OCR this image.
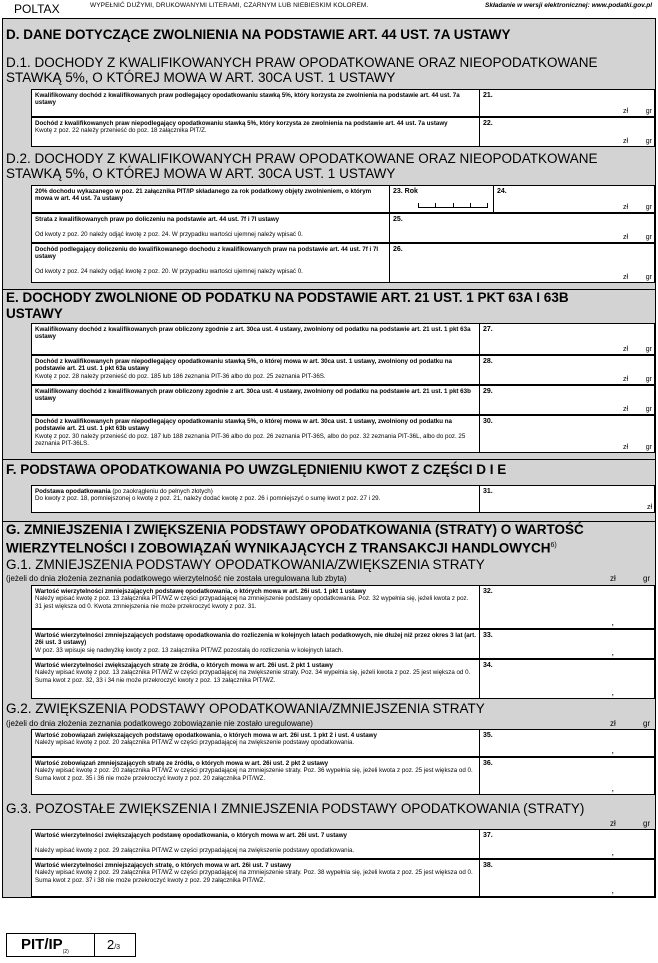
POLTAX	WYPEŁNIĆ DUŻYMI, DRUKOWANYMI LITERAMI, CZARNYM LUB NIEBIESKIM KOLOREM.	Składanie w wersji elektronicznej: www.podatki.gov.pl
D. DANE DOTYCZĄCE ZWOLNIENIA NA PODSTAWIE ART. 44 UST. 7A USTAWY
D.1. DOCHODY Z KWALIFIKOWANYCH PRAW OPODATKOWANE ORAZ NIEOPODATKOWANE STAWKĄ 5%, O KTÓREJ MOWA W ART. 30CA UST. 1 USTAWY
Kwalifikowany dochód z kwalifikowanych praw podlegający opodatkowaniu stawką 5%, który korzysta ze zwolnienia na podstawie art. 44 ust. 7a ustawy
21.
zł	gr
Dochód z kwalifikowanych praw niepodlegający opodatkowaniu stawką 5%, który korzysta ze zwolnienia na podstawie art. 44 ust. 7a ustawy
Kwotę z poz. 22 należy przenieść do poz. 18 załącznika PIT/Z.
22.
zł	gr
D.2. DOCHODY Z KWALIFIKOWANYCH PRAW OPODATKOWANE ORAZ NIEOPODATKOWANE STAWKĄ 5%, O KTÓREJ MOWA W ART. 30CA UST. 1 USTAWY
20% dochodu wykazanego w poz. 21 załącznika PIT/IP składanego za rok podatkowy objęty zwolnieniem, o którym mowa w art. 44 ust. 7a ustawy
23. Rok	24.
zł	gr
Strata z kwalifikowanych praw po doliczeniu na podstawie art. 44 ust. 7f i 7l ustawy

Od kwoty z poz. 20 należy odjąć kwotę z poz. 24. W przypadku wartości ujemnej należy wpisać 0.
25.
zł	gr
Dochód podlegający doliczeniu do kwalifikowanego dochodu z kwalifikowanych praw na podstawie art. 44 ust. 7f i 7l ustawy

Od kwoty z poz. 24 należy odjąć kwotę z poz. 20. W przypadku wartości ujemnej należy wpisać 0.
26.
zł	gr
E. DOCHODY ZWOLNIONE OD PODATKU NA PODSTAWIE ART. 21 UST. 1 PKT 63A I 63B USTAWY
Kwalifikowany dochód z kwalifikowanych praw obliczony zgodnie z art. 30ca ust. 4 ustawy, zwolniony od podatku na podstawie art. 21 ust. 1 pkt 63a ustawy
27.
zł	gr
Dochód z kwalifikowanych praw niepodlegający opodatkowaniu stawką 5%, o której mowa w art. 30ca ust. 1 ustawy, zwolniony od podatku na podstawie art. 21 ust. 1 pkt 63a ustawy
Kwotę z poz. 28 należy przenieść do poz. 185 lub 186 zeznania PIT-36 albo do poz. 25 zeznania PIT-36S.
28.
zł	gr
Kwalifikowany dochód z kwalifikowanych praw obliczony zgodnie z art. 30ca ust. 4 ustawy, zwolniony od podatku na podstawie art. 21 ust. 1 pkt 63b ustawy
29.
zł	gr
Dochód z kwalifikowanych praw niepodlegający opodatkowaniu stawką 5%, o której mowa w art. 30ca ust. 1 ustawy, zwolniony od podatku na podstawie art. 21 ust. 1 pkt 63b ustawy
Kwotę z poz. 30 należy przenieść do poz. 187 lub 188 zeznania PIT-36 albo do poz. 26 zeznania PIT-36S, albo do poz. 32 zeznania PIT-36L, albo do poz. 25 zeznania PIT-36LS.
30.
zł	gr
F. PODSTAWA OPODATKOWANIA PO UWZGLĘDNIENIU KWOT Z CZĘŚCI D I E
Podstawa opodatkowania (po zaokrągleniu do pełnych złotych)
Do kwoty z poz. 18, pomniejszonej o kwotę z poz. 21, należy dodać kwotę z poz. 26 i pomniejszyć o sumę kwot z poz. 27 i 29.
31.
zł
G. ZMNIEJSZENIA I ZWIĘKSZENIA PODSTAWY OPODATKOWANIA (STRATY) O WARTOŚĆ WIERZYTELNOŚCI I ZOBOWIĄZAŃ WYNIKAJĄCYCH Z TRANSAKCJI HANDLOWYCH$^{6)}$
G.1. ZMNIEJSZENIA PODSTAWY OPODATKOWANIA/ZWIĘKSZENIA STRATY
(jeżeli do dnia złożenia zeznania podatkowego wierzytelność nie została uregulowana lub zbyta)	zł	gr
Wartość wierzytelności zmniejszających podstawę opodatkowania, o których mowa w art. 26i ust. 1 pkt 1 ustawy
Należy wpisać kwotę z poz. 13 załącznika PIT/WZ w części przypadającej na zmniejszenie podstawy opodatkowania. Poz. 32 wypełnia się, jeżeli kwota z poz. 31 jest większa od 0. Kwota zmniejszenia nie może przekroczyć kwoty z poz. 31.
32.
,
Wartość wierzytelności zmniejszających podstawę opodatkowania do rozliczenia w kolejnych latach podatkowych, nie dłużej niż przez okres 3 lat (art. 26i ust. 3 ustawy)
W poz. 33 wpisuje się nadwyżkę kwoty z poz. 13 załącznika PIT/WZ pozostałą do rozliczenia w kolejnych latach.
33.
,
Wartość wierzytelności zwiększających stratę ze źródła, o których mowa w art. 26i ust. 2 pkt 1 ustawy
Należy wpisać kwotę z poz. 13 załącznika PIT/WZ w części przypadającej na zwiększenie straty. Poz. 34 wypełnia się, jeżeli kwota z poz. 25 jest większa od 0. Suma kwot z poz. 32, 33 i 34 nie może przekroczyć kwoty z poz. 13 załącznika PIT/WZ.
34.
,
G.2. ZWIĘKSZENIA PODSTAWY OPODATKOWANIA/ZMNIEJSZENIA STRATY
(jeżeli do dnia złożenia zeznania podatkowego zobowiązanie nie zostało uregulowane)	zł	gr
Wartość zobowiązań zwiększających podstawę opodatkowania, o których mowa w art. 26i ust. 1 pkt 2 i ust. 4 ustawy
Należy wpisać kwotę z poz. 20 załącznika PIT/WZ w części przypadającej na zwiększenie podstawy opodatkowania.
35.
,
Wartość zobowiązań zmniejszających stratę ze źródła, o których mowa w art. 26i ust. 2 pkt 2 ustawy
Należy wpisać kwotę z poz. 20 załącznika PIT/WZ w części przypadającej na zmniejszenie straty. Poz. 36 wypełnia się, jeżeli kwota z poz. 25 jest większa od 0. Suma kwot z poz. 35 i 36 nie może przekroczyć kwoty z poz. 20 załącznika PIT/WZ.
36.
,
G.3. POZOSTAŁE ZWIĘKSZENIA I ZMNIEJSZENIA PODSTAWY OPODATKOWANIA (STRATY)
zł	gr
Wartość wierzytelności zwiększających podstawę opodatkowania, o których mowa w art. 26i ust. 7 ustawy

Należy wpisać kwotę z poz. 29 załącznika PIT/WZ w części przypadającej na zwiększenie podstawy opodatkowania.
37.
,
Wartość wierzytelności zmniejszających stratę, o których mowa w art. 26i ust. 7 ustawy
Należy wpisać kwotę z poz. 29 załącznika PIT/WZ w części przypadającej na zmniejszenie straty. Poz. 38 wypełnia się, jeżeli kwota z poz. 25 jest większa od 0. Suma kwot z poz. 37 i 38 nie może przekroczyć kwoty z poz. 29 załącznika PIT/WZ.
38.
,
PIT/$IP_{(2)}$	2/3
